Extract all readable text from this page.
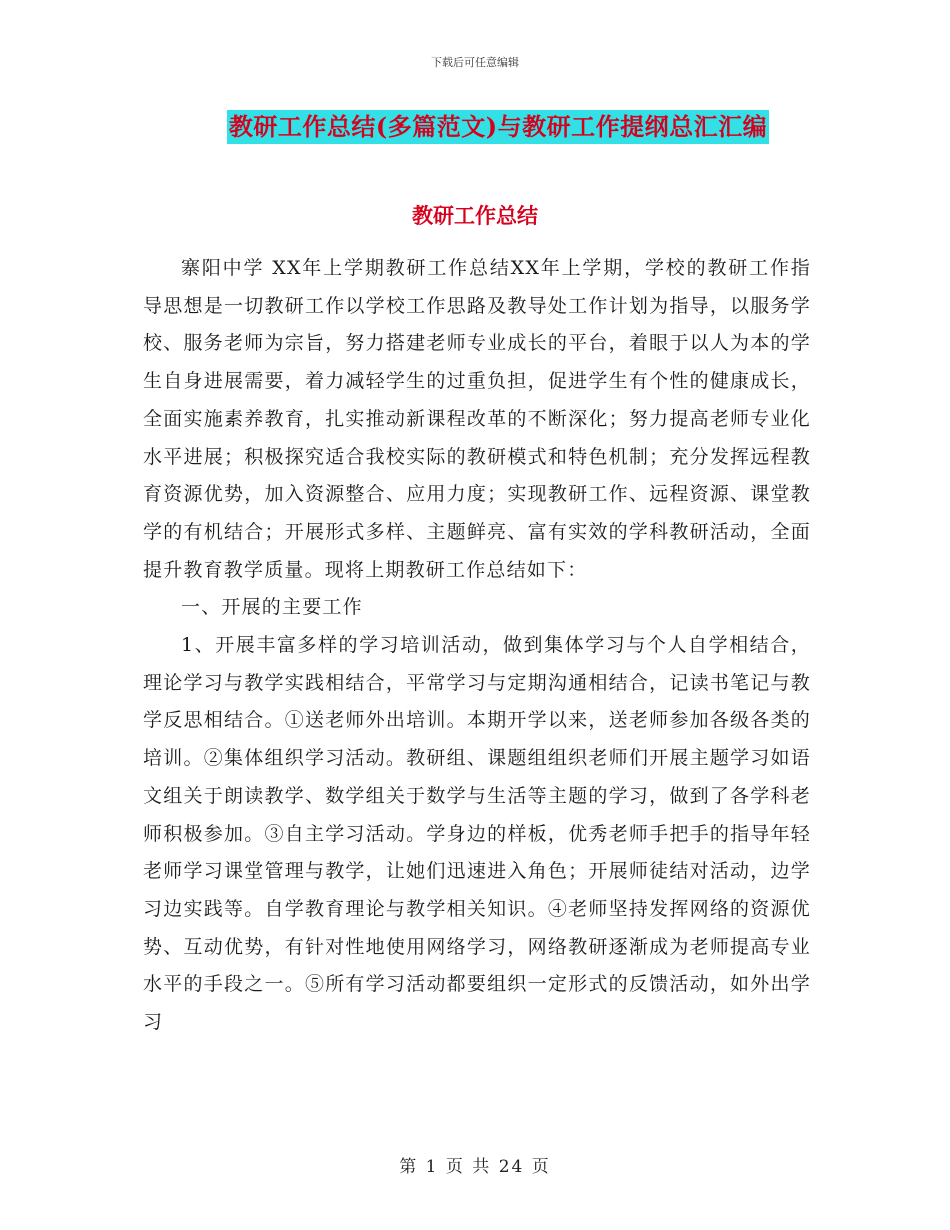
下载后可任意编辑
教研工作总结(多篇范文)与教研工作提纲总汇汇编
教研工作总结

寨阳中学 XX年上学期教研工作总结XX年上学期，学校的教研工作指导思想是一切教研工作以学校工作思路及教导处工作计划为指导，以服务学校、服务老师为宗旨，努力搭建老师专业成长的平台，着眼于以人为本的学生自身进展需要，着力减轻学生的过重负担，促进学生有个性的健康成长，全面实施素养教育，扎实推动新课程改革的不断深化；努力提高老师专业化水平进展；积极探究适合我校实际的教研模式和特色机制；充分发挥远程教育资源优势，加入资源整合、应用力度；实现教研工作、远程资源、课堂教学的有机结合；开展形式多样、主题鲜亮、富有实效的学科教研活动，全面提升教育教学质量。现将上期教研工作总结如下：

一、开展的主要工作

1、开展丰富多样的学习培训活动，做到集体学习与个人自学相结合，理论学习与教学实践相结合，平常学习与定期沟通相结合，记读书笔记与教学反思相结合。①送老师外出培训。本期开学以来，送老师参加各级各类的培训。②集体组织学习活动。教研组、课题组组织老师们开展主题学习如语文组关于朗读教学、数学组关于数学与生活等主题的学习，做到了各学科老师积极参加。③自主学习活动。学身边的样板，优秀老师手把手的指导年轻老师学习课堂管理与教学，让她们迅速进入角色；开展师徒结对活动，边学习边实践等。自学教育理论与教学相关知识。④老师坚持发挥网络的资源优势、互动优势，有针对性地使用网络学习，网络教研逐渐成为老师提高专业水平的手段之一。⑤所有学习活动都要组织一定形式的反馈活动，如外出学习

第 1 页 共 24 页
